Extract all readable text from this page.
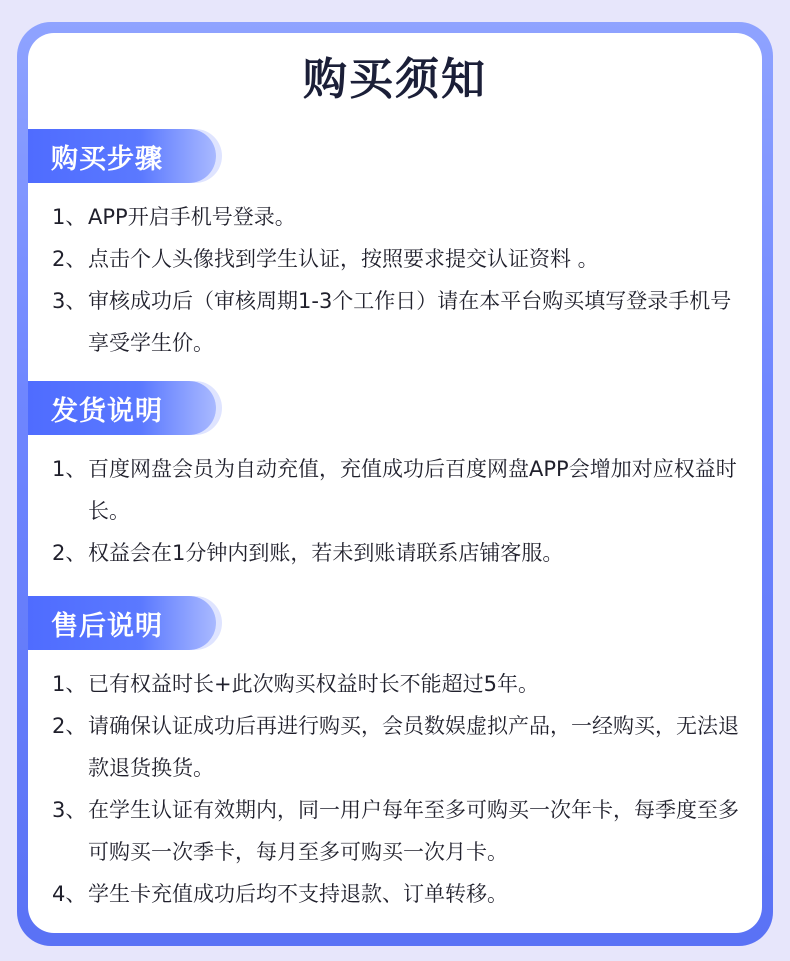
购买须知
购买步骤
1、APP开启手机号登录。
2、点击个人头像找到学生认证，按照要求提交认证资料 。
3、 审核成功后（审核周期1-3个工作日）请在本平台购买填写登录手机号享受学生价。
发货说明
1、 百度网盘会员为自动充值，充值成功后百度网盘APP会增加对应权益时长。
2、权益会在1分钟内到账，若未到账请联系店铺客服。
售后说明
1、已有权益时长+此次购买权益时长不能超过5年。
2、 请确保认证成功后再进行购买，会员数娱虚拟产品，一经购买，无法退款退货换货。
3、 在学生认证有效期内，同一用户每年至多可购买一次年卡，每季度至多可购买一次季卡，每月至多可购买一次月卡。
4、学生卡充值成功后均不支持退款、订单转移。
